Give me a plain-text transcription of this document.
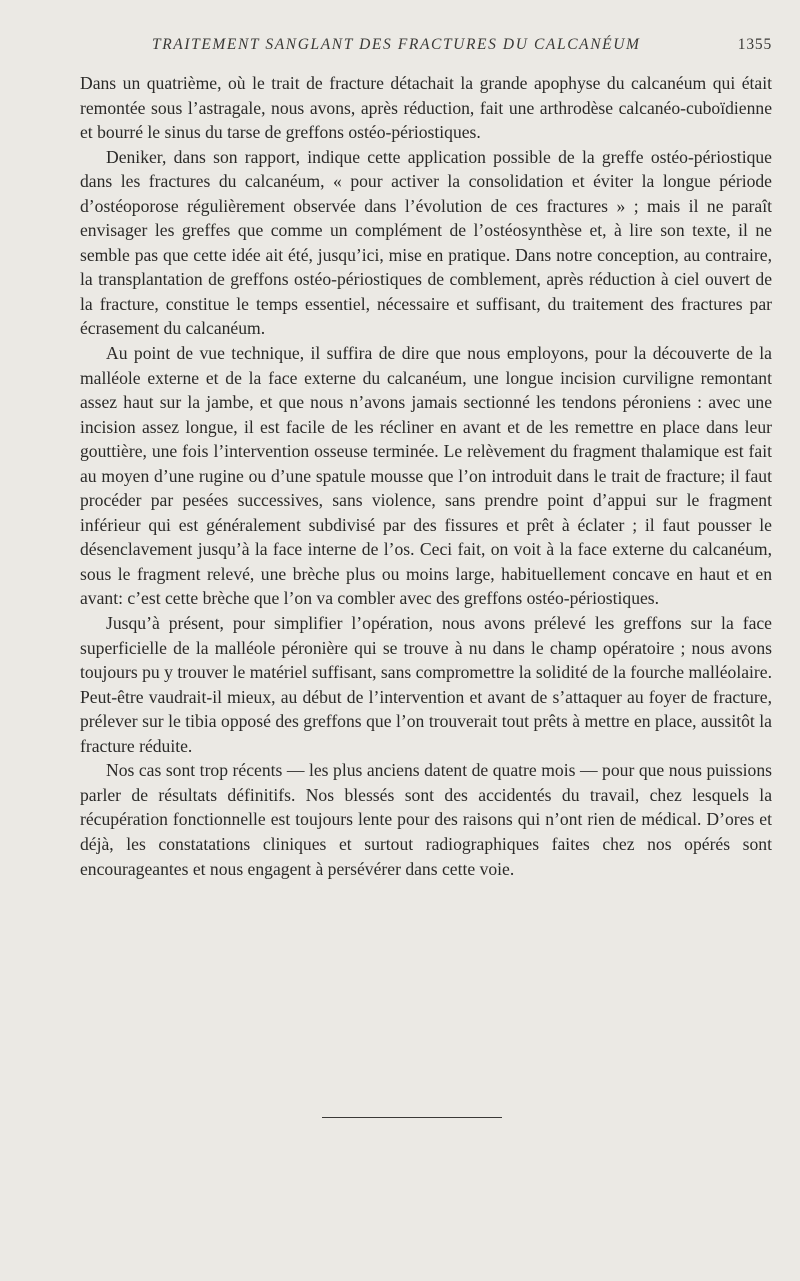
TRAITEMENT SANGLANT DES FRACTURES DU CALCANÉUM	1355

Dans un quatrième, où le trait de fracture détachait la grande apophyse du calcanéum qui était remontée sous l’astragale, nous avons, après réduction, fait une arthrodèse calcanéo-cuboïdienne et bourré le sinus du tarse de greffons ostéo-périostiques.

Deniker, dans son rapport, indique cette application possible de la greffe ostéo-périostique dans les fractures du calcanéum, « pour activer la consolidation et éviter la longue période d’ostéoporose régulièrement observée dans l’évolution de ces fractures » ; mais il ne paraît envisager les greffes que comme un complément de l’ostéosynthèse et, à lire son texte, il ne semble pas que cette idée ait été, jusqu’ici, mise en pratique. Dans notre conception, au contraire, la transplantation de greffons ostéo-périostiques de comblement, après réduction à ciel ouvert de la fracture, constitue le temps essentiel, nécessaire et suffisant, du traitement des fractures par écrasement du calcanéum.

Au point de vue technique, il suffira de dire que nous employons, pour la découverte de la malléole externe et de la face externe du calcanéum, une longue incision curviligne remontant assez haut sur la jambe, et que nous n’avons jamais sectionné les tendons péroniens : avec une incision assez longue, il est facile de les récliner en avant et de les remettre en place dans leur gouttière, une fois l’intervention osseuse terminée. Le relèvement du fragment thalamique est fait au moyen d’une rugine ou d’une spatule mousse que l’on introduit dans le trait de fracture; il faut procéder par pesées successives, sans violence, sans prendre point d’appui sur le fragment inférieur qui est généralement subdivisé par des fissures et prêt à éclater ; il faut pousser le désenclavement jusqu’à la face interne de l’os. Ceci fait, on voit à la face externe du calcanéum, sous le fragment relevé, une brèche plus ou moins large, habituellement concave en haut et en avant: c’est cette brèche que l’on va combler avec des greffons ostéo-périostiques.

Jusqu’à présent, pour simplifier l’opération, nous avons prélevé les greffons sur la face superficielle de la malléole péronière qui se trouve à nu dans le champ opératoire ; nous avons toujours pu y trouver le matériel suffisant, sans compromettre la solidité de la fourche malléolaire. Peut-être vaudrait-il mieux, au début de l’intervention et avant de s’attaquer au foyer de fracture, prélever sur le tibia opposé des greffons que l’on trouverait tout prêts à mettre en place, aussitôt la fracture réduite.

Nos cas sont trop récents — les plus anciens datent de quatre mois — pour que nous puissions parler de résultats définitifs. Nos blessés sont des accidentés du travail, chez lesquels la récupération fonctionnelle est toujours lente pour des raisons qui n’ont rien de médical. D’ores et déjà, les constatations cliniques et surtout radiographiques faites chez nos opérés sont encourageantes et nous engagent à persévérer dans cette voie.
